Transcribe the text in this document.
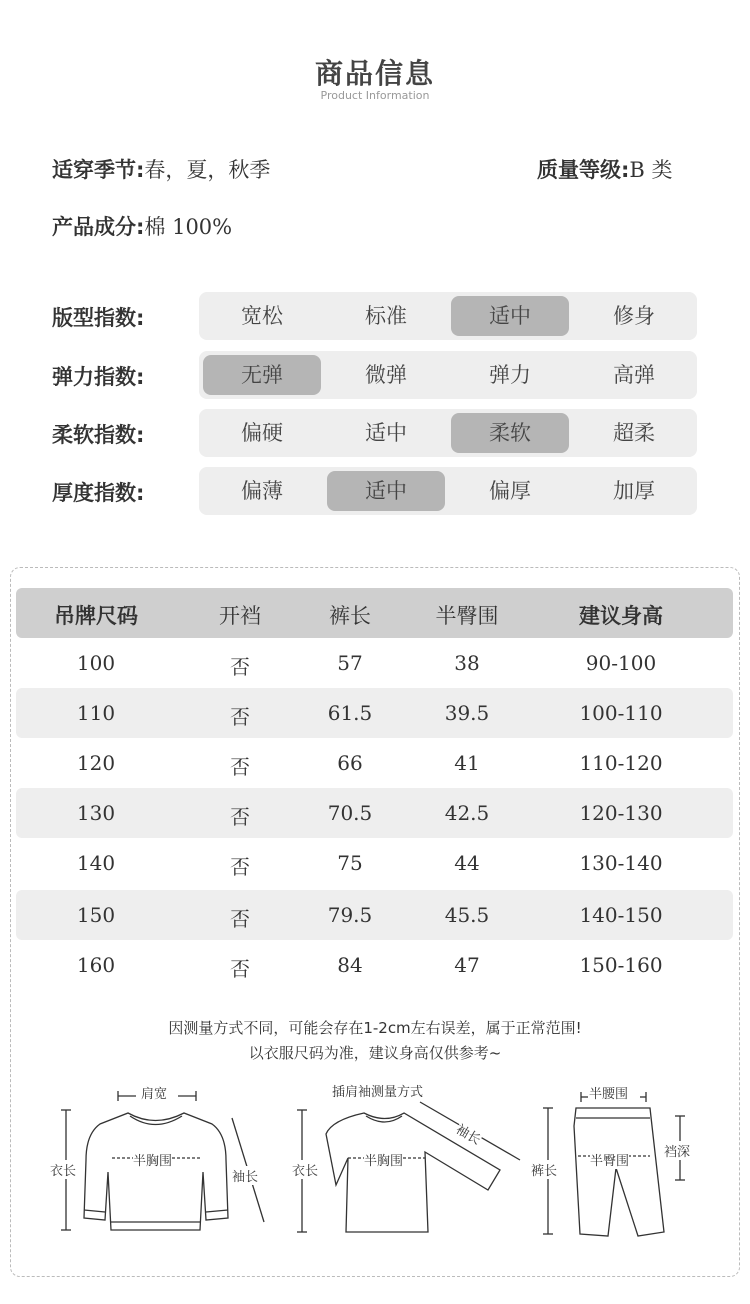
商品信息
Product Information
适穿季节:春，夏，秋季	质量等级:B 类
产品成分:棉 100%
版型指数:	宽松	标准	适中	修身
弹力指数:	无弹	微弹	弹力	高弹
柔软指数:	偏硬	适中	柔软	超柔
厚度指数:	偏薄	适中	偏厚	加厚
吊牌尺码	开裆	裤长	半臀围	建议身高
100	否	57	38	90-100
110	否	61.5	39.5	100-110
120	否	66	41	110-120
130	否	70.5	42.5	120-130
140	否	75	44	130-140
150	否	79.5	45.5	140-150
160	否	84	47	150-160
因测量方式不同，可能会存在1-2cm左右误差，属于正常范围!
以衣服尺码为准，建议身高仅供参考~
肩宽
半胸围
衣长	袖长
插肩袖测量方式
半胸围
衣长
袖长
半腰围
半臀围
裤长
裆深
